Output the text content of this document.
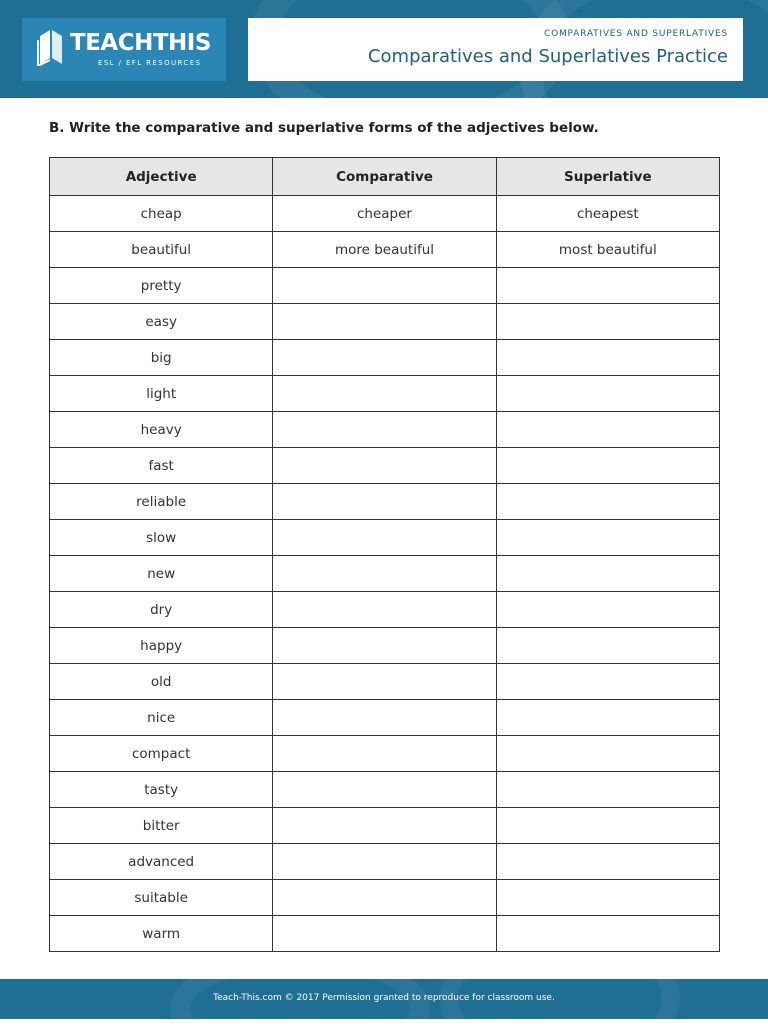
TEACHTHIS
ESL / EFL RESOURCES
COMPARATIVES AND SUPERLATIVES
Comparatives and Superlatives Practice
B. Write the comparative and superlative forms of the adjectives below.
Adjective	Comparative	Superlative
cheap	cheaper	cheapest
beautiful	more beautiful	most beautiful
pretty		
easy		
big		
light		
heavy		
fast		
reliable		
slow		
new		
dry		
happy		
old		
nice		
compact		
tasty		
bitter		
advanced		
suitable		
warm		
Teach-This.com © 2017 Permission granted to reproduce for classroom use.
